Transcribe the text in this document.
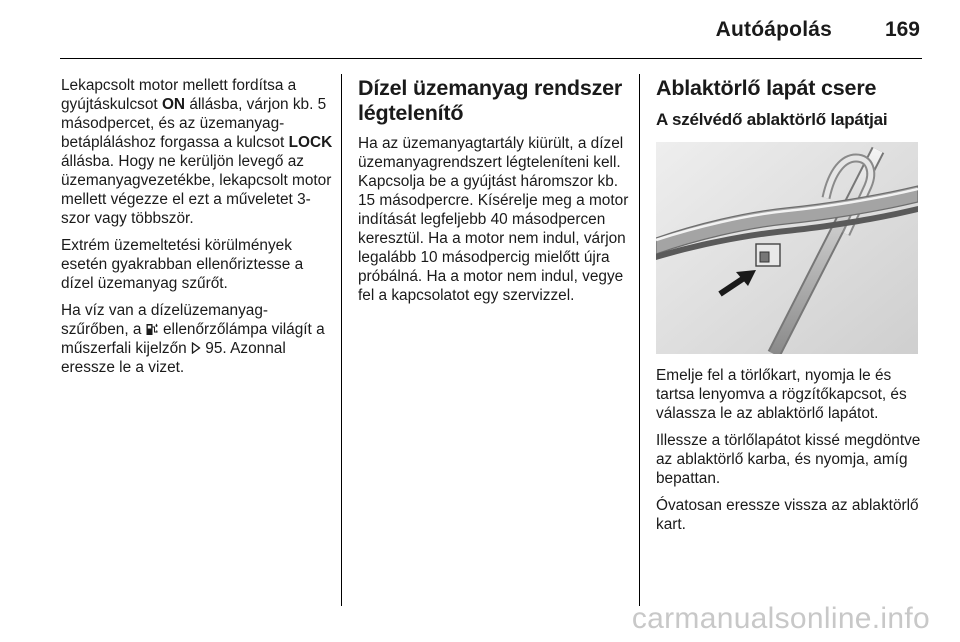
Autóápolás	169

Lekapcsolt motor mellett fordítsa a gyújtáskulcsot ON állásba, várjon kb. 5 másodpercet, és az üzemanyag-betápláláshoz forgassa a kulcsot LOCK állásba. Hogy ne kerüljön levegő az üzemanyagvezetékbe, lekapcsolt motor mellett végezze el ezt a műveletet 3-szor vagy többször.

Extrém üzemeltetési körülmények esetén gyakrabban ellenőriztesse a dízel üzemanyag szűrőt.

Ha víz van a dízelüzemanyag-szűrőben, a  ellenőrzőlámpa világít a műszerfali kijelzőn  95. Azonnal eressze le a vizet.

Dízel üzemanyag rendszer légtelenítő

Ha az üzemanyagtartály kiürült, a dízel üzemanyagrendszert légteleníteni kell. Kapcsolja be a gyújtást háromszor kb. 15 másodpercre. Kísérelje meg a motor indítását legfeljebb 40 másodpercen keresztül. Ha a motor nem indul, várjon legalább 10 másodpercig mielőtt újra próbálná. Ha a motor nem indul, vegye fel a kapcsolatot egy szervizzel.

Ablaktörlő lapát csere
A szélvédő ablaktörlő lapátjai

Emelje fel a törlőkart, nyomja le és tartsa lenyomva a rögzítőkapcsot, és válassza le az ablaktörlő lapátot.

Illessze a törlőlapátot kissé megdöntve az ablaktörlő karba, és nyomja, amíg bepattan.

Óvatosan eressze vissza az ablaktörlő kart.

carmanualsonline.info
